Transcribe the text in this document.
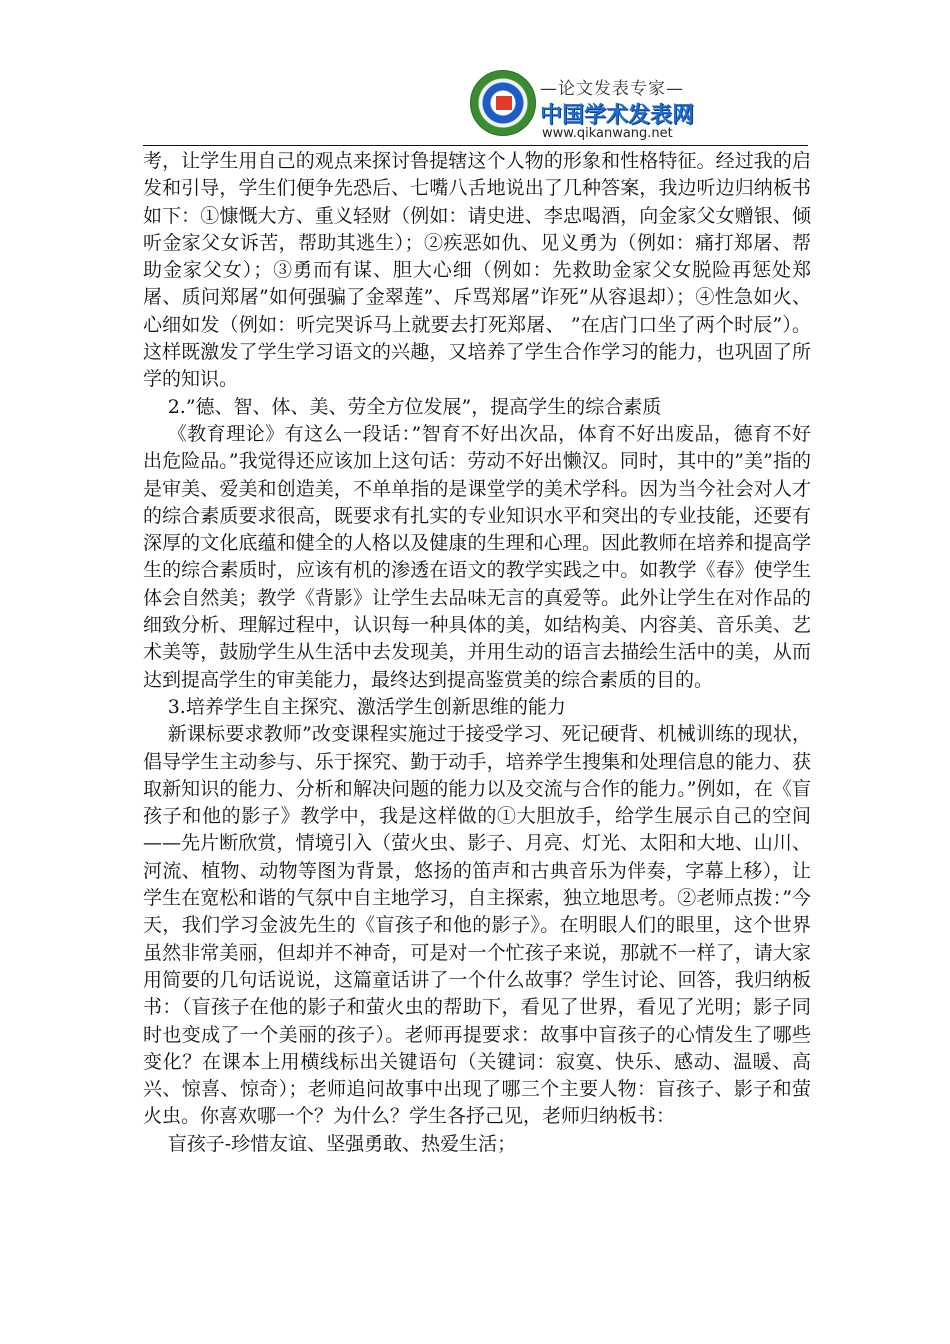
—论文发表专家—
中国学术发表网
www.qikanwang.net

考，让学生用自己的观点来探讨鲁提辖这个人物的形象和性格特征。经过我的启发和引导，学生们便争先恐后、七嘴八舌地说出了几种答案，我边听边归纳板书如下：①慷慨大方、重义轻财（例如：请史进、李忠喝酒，向金家父女赠银、倾听金家父女诉苦，帮助其逃生）；②疾恶如仇、见义勇为（例如：痛打郑屠、帮助金家父女）；③勇而有谋、胆大心细（例如：先救助金家父女脱险再惩处郑屠、质问郑屠”如何强骗了金翠莲”、斥骂郑屠”诈死”从容退却）；④性急如火、心细如发（例如：听完哭诉马上就要去打死郑屠、 ”在店门口坐了两个时辰”）。这样既激发了学生学习语文的兴趣，又培养了学生合作学习的能力，也巩固了所学的知识。

2.”德、智、体、美、劳全方位发展”，提高学生的综合素质

《教育理论》有这么一段话：”智育不好出次品，体育不好出废品，德育不好出危险品。”我觉得还应该加上这句话：劳动不好出懒汉。同时，其中的”美”指的是审美、爱美和创造美，不单单指的是课堂学的美术学科。因为当今社会对人才的综合素质要求很高，既要求有扎实的专业知识水平和突出的专业技能，还要有深厚的文化底蕴和健全的人格以及健康的生理和心理。因此教师在培养和提高学生的综合素质时，应该有机的渗透在语文的教学实践之中。如教学《春》使学生体会自然美；教学《背影》让学生去品味无言的真爱等。此外让学生在对作品的细致分析、理解过程中，认识每一种具体的美，如结构美、内容美、音乐美、艺术美等，鼓励学生从生活中去发现美，并用生动的语言去描绘生活中的美，从而达到提高学生的审美能力，最终达到提高鉴赏美的综合素质的目的。

3.培养学生自主探究、激活学生创新思维的能力

新课标要求教师”改变课程实施过于接受学习、死记硬背、机械训练的现状，倡导学生主动参与、乐于探究、勤于动手，培养学生搜集和处理信息的能力、获取新知识的能力、分析和解决问题的能力以及交流与合作的能力。”例如，在《盲孩子和他的影子》教学中，我是这样做的①大胆放手，给学生展示自己的空间——先片断欣赏，情境引入（萤火虫、影子、月亮、灯光、太阳和大地、山川、河流、植物、动物等图为背景，悠扬的笛声和古典音乐为伴奏，字幕上移），让学生在宽松和谐的气氛中自主地学习，自主探索，独立地思考。②老师点拨：”今天，我们学习金波先生的《盲孩子和他的影子》。在明眼人们的眼里，这个世界虽然非常美丽，但却并不神奇，可是对一个忙孩子来说，那就不一样了，请大家用简要的几句话说说，这篇童话讲了一个什么故事？学生讨论、回答，我归纳板书：（盲孩子在他的影子和萤火虫的帮助下，看见了世界，看见了光明；影子同时也变成了一个美丽的孩子）。老师再提要求：故事中盲孩子的心情发生了哪些变化？在课本上用横线标出关键语句（关键词：寂寞、快乐、感动、温暖、高兴、惊喜、惊奇）；老师追问故事中出现了哪三个主要人物：盲孩子、影子和萤火虫。你喜欢哪一个？为什么？学生各抒己见，老师归纳板书：

盲孩子-珍惜友谊、坚强勇敢、热爱生活；
